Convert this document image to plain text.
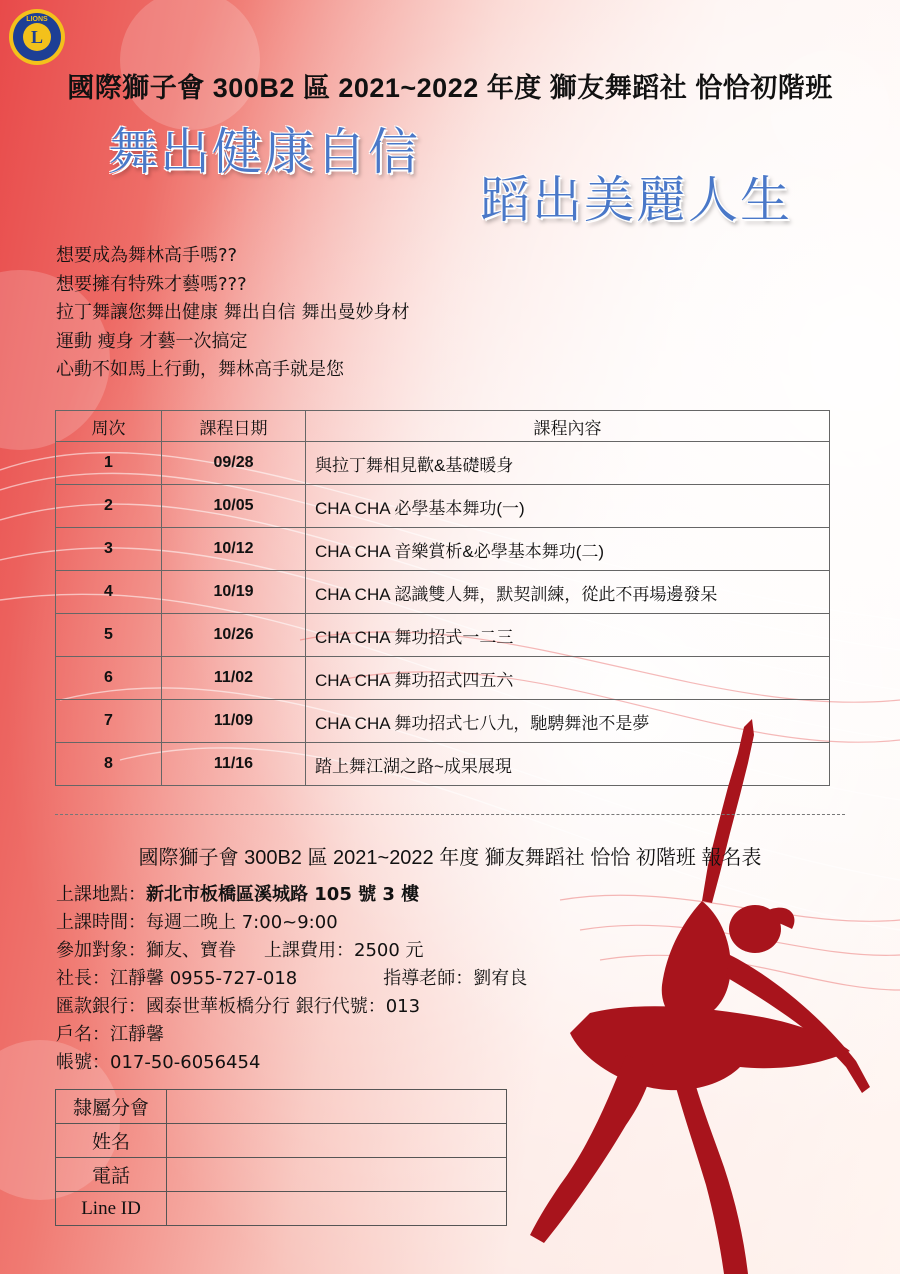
L
LIONS
國際獅子會 300B2 區 2021~2022 年度 獅友舞蹈社 恰恰初階班
舞出健康自信
蹈出美麗人生
想要成為舞林高手嗎??
想要擁有特殊才藝嗎???
拉丁舞讓您舞出健康 舞出自信 舞出曼妙身材
運動 瘦身 才藝一次搞定
心動不如馬上行動，舞林高手就是您
周次	課程日期	課程內容
1	09/28	與拉丁舞相見歡&基礎暖身
2	10/05	CHA CHA 必學基本舞功(一)
3	10/12	CHA CHA 音樂賞析&必學基本舞功(二)
4	10/19	CHA CHA 認識雙人舞，默契訓練，從此不再場邊發呆
5	10/26	CHA CHA 舞功招式一二三
6	11/02	CHA CHA 舞功招式四五六
7	11/09	CHA CHA 舞功招式七八九，馳騁舞池不是夢
8	11/16	踏上舞江湖之路~成果展現
國際獅子會 300B2 區 2021~2022 年度 獅友舞蹈社 恰恰 初階班 報名表
上課地點：新北市板橋區溪城路 105 號 3 樓
上課時間：每週二晚上 7:00~9:00
參加對象：獅友、寶眷 上課費用：2500 元
社長：江靜馨 0955-727-018	指導老師：劉宥良
匯款銀行：國泰世華板橋分行 銀行代號：013
戶名：江靜馨
帳號：017-50-6056454
隸屬分會	
姓名	
電話	
Line ID	
